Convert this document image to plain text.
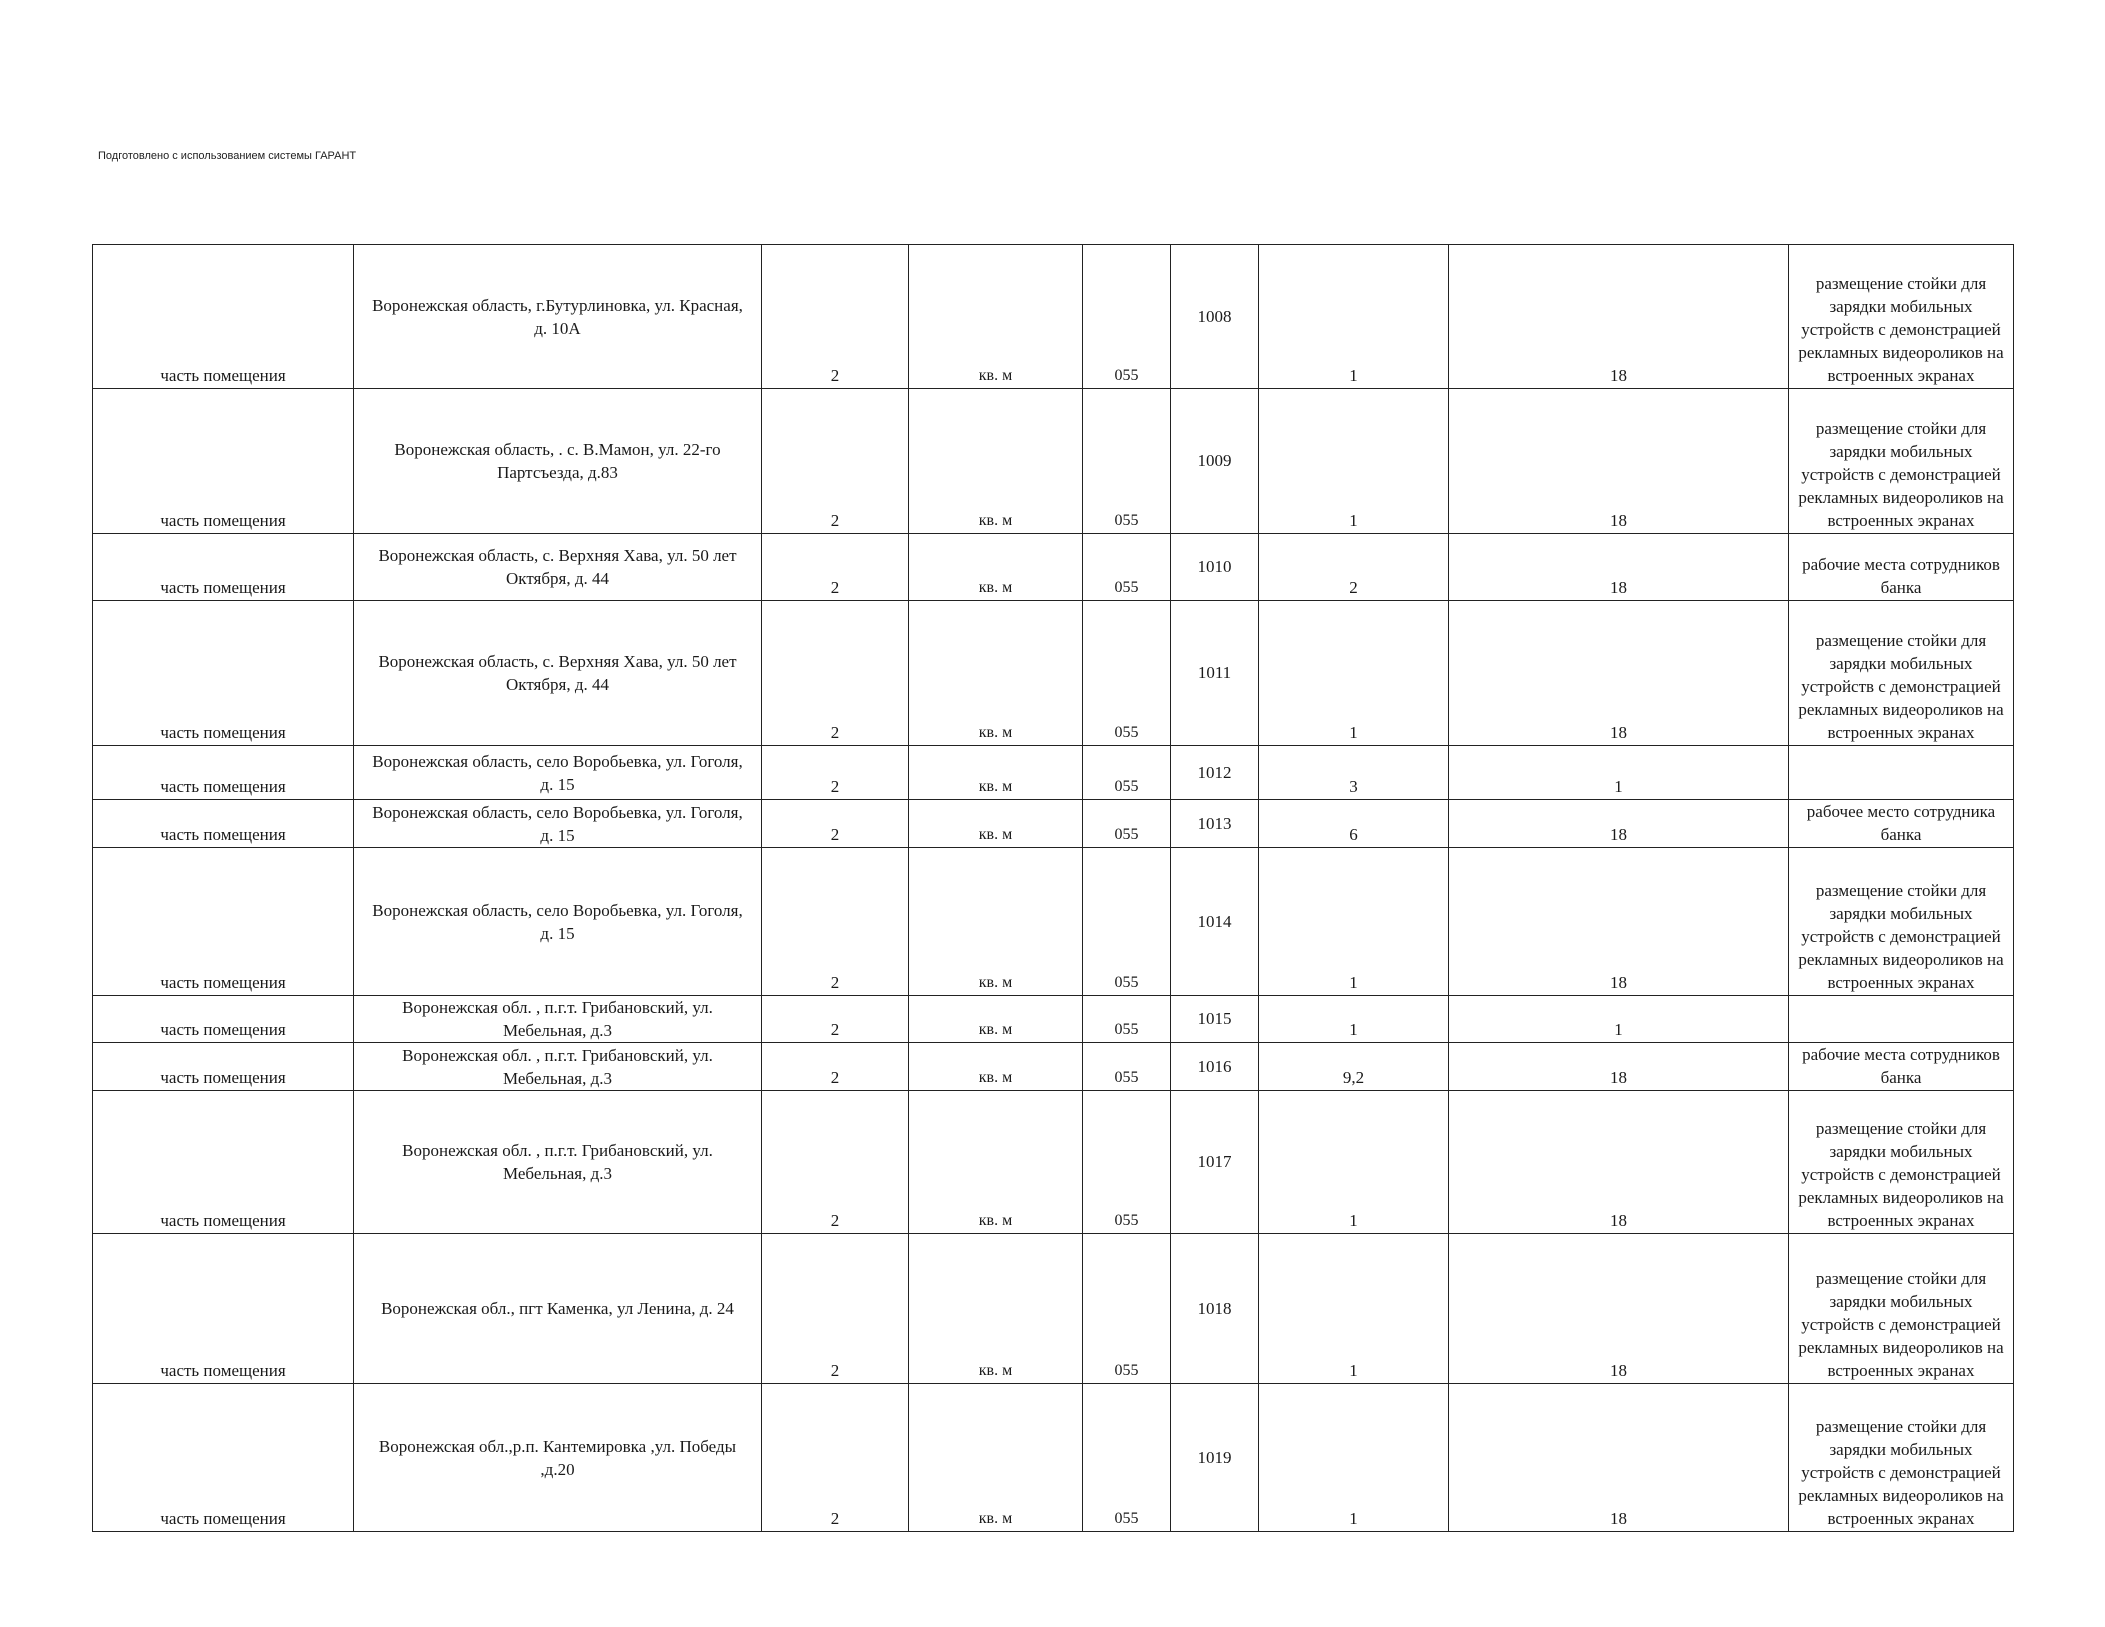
Подготовлено с использованием системы ГАРАНТ
часть помещения	Воронежская область, г.Бутурлиновка, ул. Красная, д. 10А	2	кв. м	055	1008	1	18	размещение стойки для зарядки мобильных устройств с демонстрацией рекламных видеороликов на встроенных экранах
часть помещения	Воронежская область, . с. В.Мамон, ул. 22-го Партсъезда, д.83	2	кв. м	055	1009	1	18	размещение стойки для зарядки мобильных устройств с демонстрацией рекламных видеороликов на встроенных экранах
часть помещения	Воронежская область, с. Верхняя Хава, ул. 50 лет Октября, д. 44	2	кв. м	055	1010	2	18	рабочие места сотрудников банка
часть помещения	Воронежская область, с. Верхняя Хава, ул. 50 лет Октября, д. 44	2	кв. м	055	1011	1	18	размещение стойки для зарядки мобильных устройств с демонстрацией рекламных видеороликов на встроенных экранах
часть помещения	Воронежская область, село Воробьевка, ул. Гоголя, д. 15	2	кв. м	055	1012	3	1	
часть помещения	Воронежская область, село Воробьевка, ул. Гоголя, д. 15	2	кв. м	055	1013	6	18	рабочее место сотрудника банка
часть помещения	Воронежская область, село Воробьевка, ул. Гоголя, д. 15	2	кв. м	055	1014	1	18	размещение стойки для зарядки мобильных устройств с демонстрацией рекламных видеороликов на встроенных экранах
часть помещения	Воронежская обл. , п.г.т. Грибановский, ул. Мебельная, д.3	2	кв. м	055	1015	1	1	
часть помещения	Воронежская обл. , п.г.т. Грибановский, ул. Мебельная, д.3	2	кв. м	055	1016	9,2	18	рабочие места сотрудников банка
часть помещения	Воронежская обл. , п.г.т. Грибановский, ул. Мебельная, д.3	2	кв. м	055	1017	1	18	размещение стойки для зарядки мобильных устройств с демонстрацией рекламных видеороликов на встроенных экранах
часть помещения	Воронежская обл., пгт Каменка, ул Ленина, д. 24	2	кв. м	055	1018	1	18	размещение стойки для зарядки мобильных устройств с демонстрацией рекламных видеороликов на встроенных экранах
часть помещения	Воронежская обл.,р.п. Кантемировка ,ул. Победы ,д.20	2	кв. м	055	1019	1	18	размещение стойки для зарядки мобильных устройств с демонстрацией рекламных видеороликов на встроенных экранах
